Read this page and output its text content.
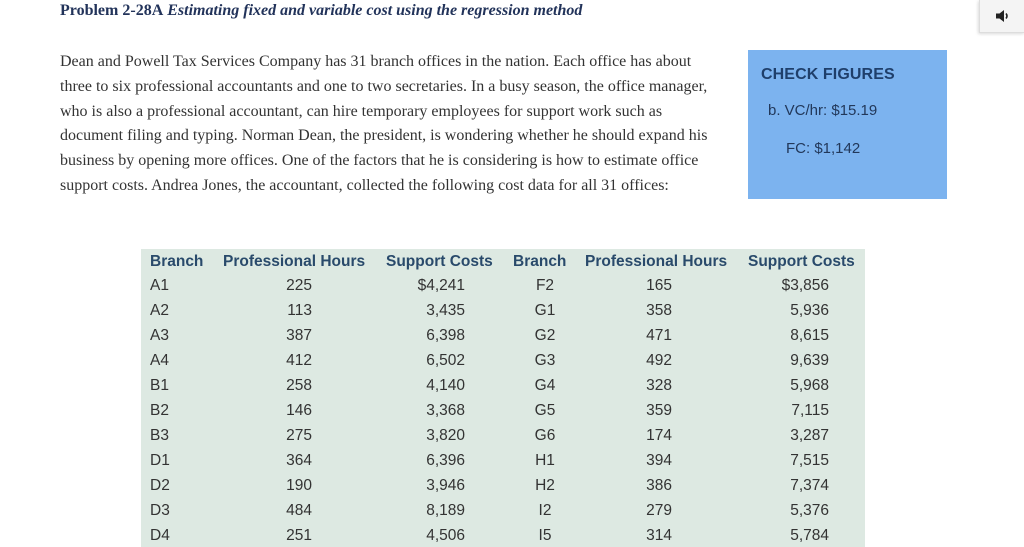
Problem 2-28A Estimating fixed and variable cost using the regression method

Dean and Powell Tax Services Company has 31 branch offices in the nation. Each office has about three to six professional accountants and one to two secretaries. In a busy season, the office manager, who is also a professional accountant, can hire temporary employees for support work such as document filing and typing. Norman Dean, the president, is wondering whether he should expand his business by opening more offices. One of the factors that he is considering is how to estimate office support costs. Andrea Jones, the accountant, collected the following cost data for all 31 offices:

CHECK FIGURES
b. VC/hr: $15.19
FC: $1,142
Branch Professional Hours Support Costs Branch Professional Hours Support Costs
A1	225	$4,241	F2	165	$3,856
A2	113	3,435	G1	358	5,936
A3	387	6,398	G2	471	8,615
A4	412	6,502	G3	492	9,639
B1	258	4,140	G4	328	5,968
B2	146	3,368	G5	359	7,115
B3	275	3,820	G6	174	3,287
D1	364	6,396	H1	394	7,515
D2	190	3,946	H2	386	7,374
D3	484	8,189	I2	279	5,376
D4	251	4,506	I5	314	5,784
